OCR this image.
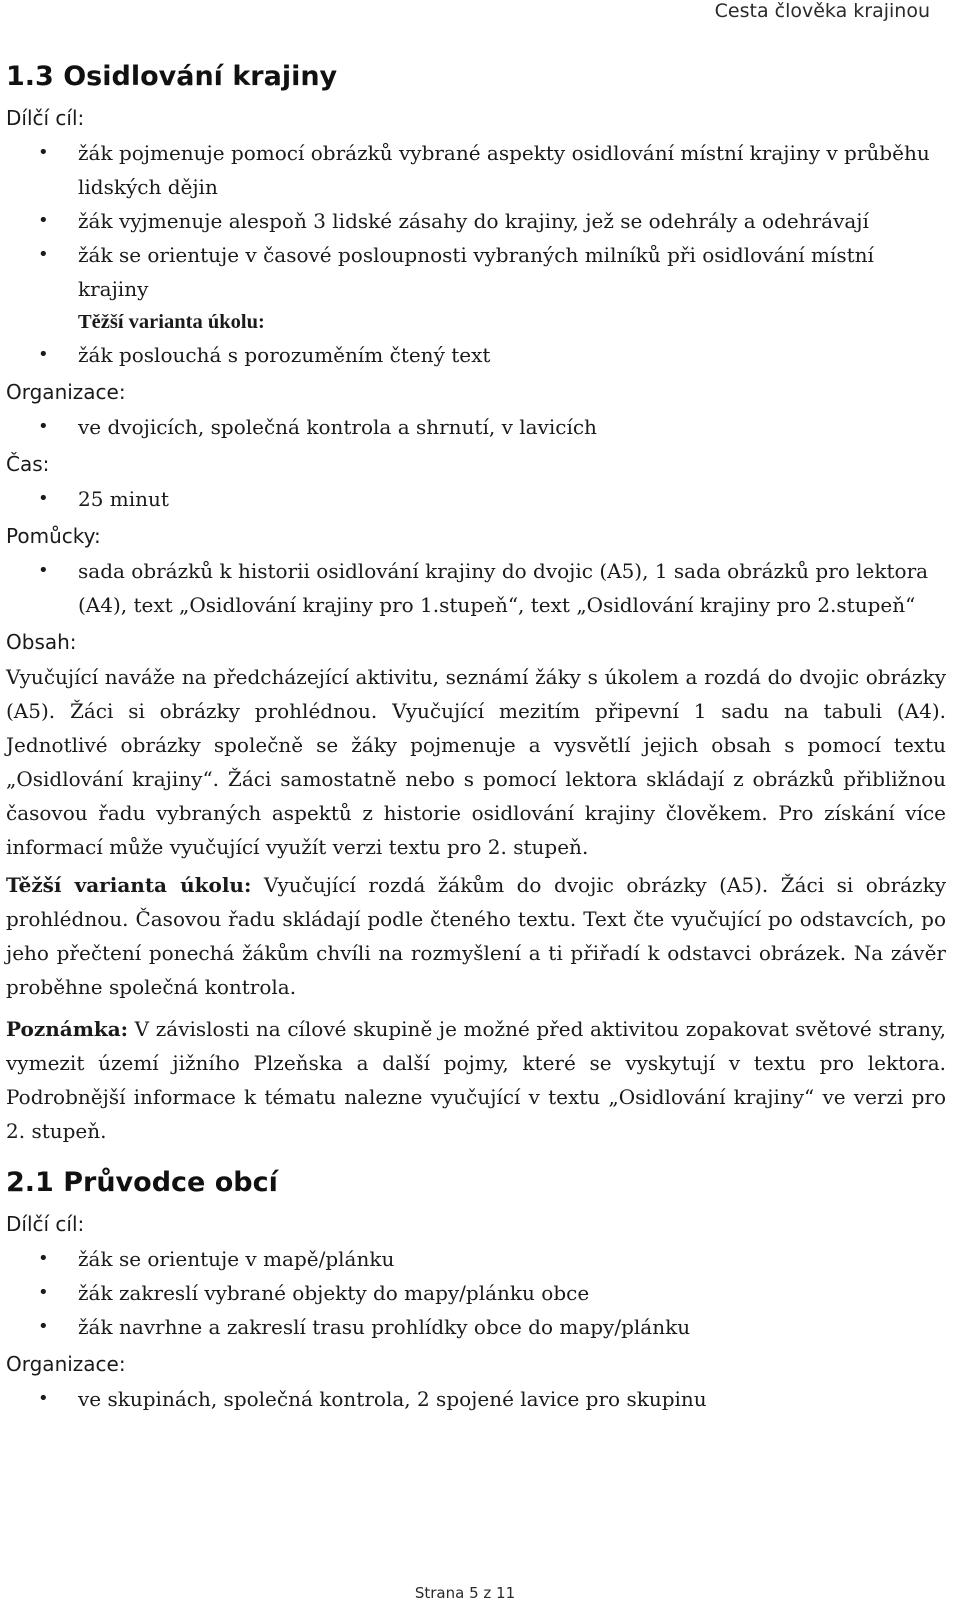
Cesta člověka krajinou
1.3 Osidlování krajiny
Dílčí cíl:
• žák pojmenuje pomocí obrázků vybrané aspekty osidlování místní krajiny v průběhu lidských dějin
• žák vyjmenuje alespoň 3 lidské zásahy do krajiny, jež se odehrály a odehrávají
• žák se orientuje v časové posloupnosti vybraných milníků při osidlování místní krajiny
Těžší varianta úkolu:
• žák poslouchá s porozuměním čtený text
Organizace:
• ve dvojicích, společná kontrola a shrnutí, v lavicích
Čas:
• 25 minut
Pomůcky:
• sada obrázků k historii osidlování krajiny do dvojic (A5), 1 sada obrázků pro lektora (A4), text „Osidlování krajiny pro 1.stupeň“, text „Osidlování krajiny pro 2.stupeň“
Obsah:

Vyučující naváže na předcházející aktivitu, seznámí žáky s úkolem a rozdá do dvojic obrázky (A5). Žáci si obrázky prohlédnou. Vyučující mezitím připevní 1 sadu na tabuli (A4). Jednotlivé obrázky společně se žáky pojmenuje a vysvětlí jejich obsah s pomocí textu „Osidlování krajiny“. Žáci samostatně nebo s pomocí lektora skládají z obrázků přibližnou časovou řadu vybraných aspektů z historie osidlování krajiny člověkem. Pro získání více informací může vyučující využít verzi textu pro 2. stupeň.

Těžší varianta úkolu: Vyučující rozdá žákům do dvojic obrázky (A5). Žáci si obrázky prohlédnou. Časovou řadu skládají podle čteného textu. Text čte vyučující po odstavcích, po jeho přečtení ponechá žákům chvíli na rozmyšlení a ti přiřadí k odstavci obrázek. Na závěr proběhne společná kontrola.

Poznámka: V závislosti na cílové skupině je možné před aktivitou zopakovat světové strany, vymezit území jižního Plzeňska a další pojmy, které se vyskytují v textu pro lektora. Podrobnější informace k tématu nalezne vyučující v textu „Osidlování krajiny“ ve verzi pro 2. stupeň.

2.1 Průvodce obcí
Dílčí cíl:
• žák se orientuje v mapě/plánku
• žák zakreslí vybrané objekty do mapy/plánku obce
• žák navrhne a zakreslí trasu prohlídky obce do mapy/plánku
Organizace:
• ve skupinách, společná kontrola, 2 spojené lavice pro skupinu
Strana 5 z 11
